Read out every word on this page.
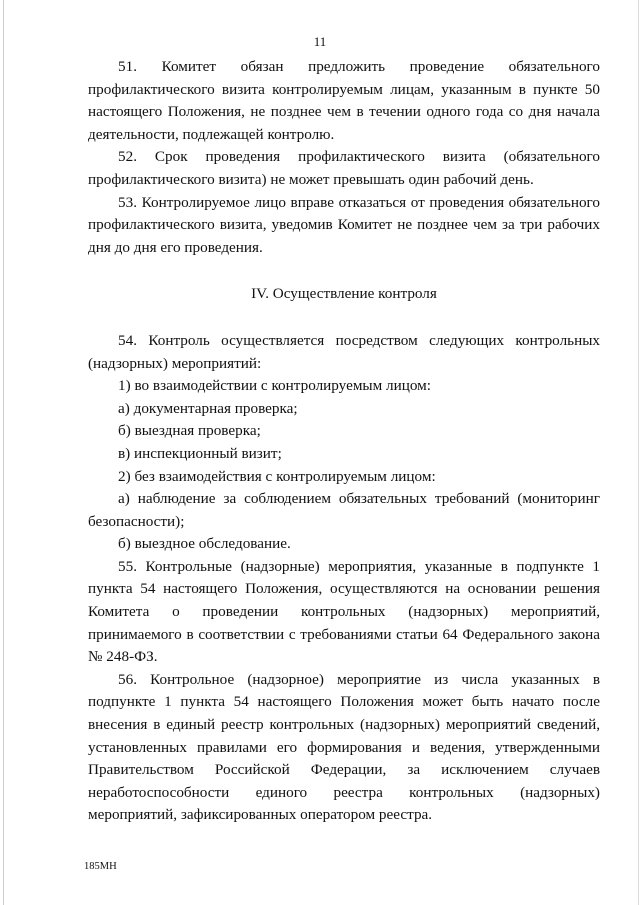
11

51. Комитет обязан предложить проведение обязательного профилактического визита контролируемым лицам, указанным в пункте 50 настоящего Положения, не позднее чем в течении одного года со дня начала деятельности, подлежащей контролю.

52. Срок проведения профилактического визита (обязательного профилактического визита) не может превышать один рабочий день.

53. Контролируемое лицо вправе отказаться от проведения обязательного профилактического визита, уведомив Комитет не позднее чем за три рабочих дня до дня его проведения.

IV. Осуществление контроля

54. Контроль осуществляется посредством следующих контрольных (надзорных) мероприятий:

1) во взаимодействии с контролируемым лицом:

а) документарная проверка;

б) выездная проверка;

в) инспекционный визит;

2) без взаимодействия с контролируемым лицом:

а) наблюдение за соблюдением обязательных требований (мониторинг безопасности);

б) выездное обследование.

55. Контрольные (надзорные) мероприятия, указанные в подпункте 1 пункта 54 настоящего Положения, осуществляются на основании решения Комитета о проведении контрольных (надзорных) мероприятий, принимаемого в соответствии с требованиями статьи 64 Федерального закона № 248-ФЗ.

56. Контрольное (надзорное) мероприятие из числа указанных в подпункте 1 пункта 54 настоящего Положения может быть начато после внесения в единый реестр контрольных (надзорных) мероприятий сведений, установленных правилами его формирования и ведения, утвержденными Правительством Российской Федерации, за исключением случаев неработоспособности единого реестра контрольных (надзорных) мероприятий, зафиксированных оператором реестра.

185МН
